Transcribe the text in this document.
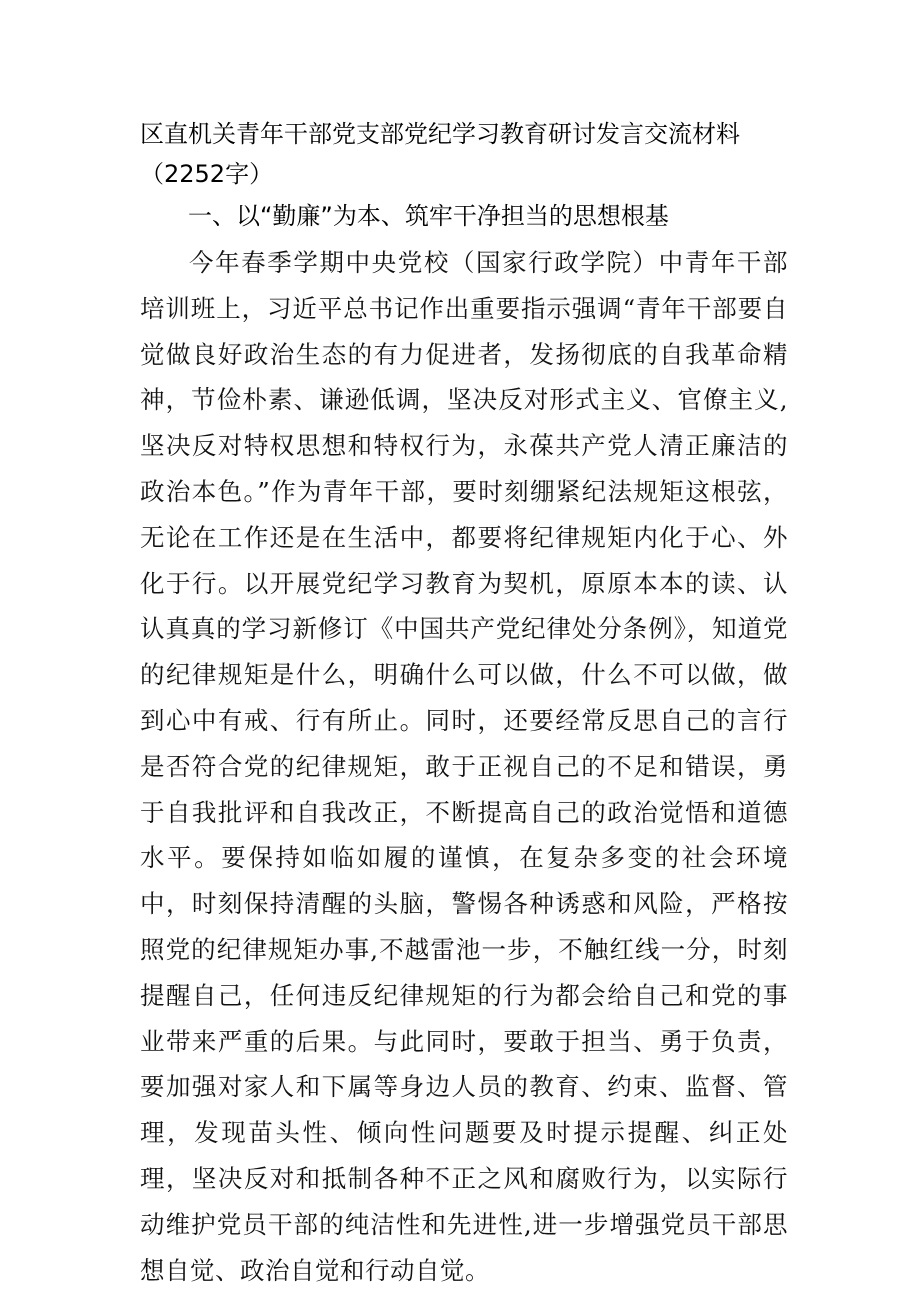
区直机关青年干部党支部党纪学习教育研讨发言交流材料（2252字）
一、以“勤廉”为本、筑牢干净担当的思想根基

今年春季学期中央党校（国家行政学院）中青年干部培训班上，习近平总书记作出重要指示强调“青年干部要自觉做良好政治生态的有力促进者，发扬彻底的自我革命精神，节俭朴素、谦逊低调，坚决反对形式主义、官僚主义,坚决反对特权思想和特权行为，永葆共产党人清正廉洁的政治本色。”作为青年干部，要时刻绷紧纪法规矩这根弦，无论在工作还是在生活中，都要将纪律规矩内化于心、外化于行。以开展党纪学习教育为契机，原原本本的读、认认真真的学习新修订《中国共产党纪律处分条例》，知道党的纪律规矩是什么，明确什么可以做，什么不可以做，做到心中有戒、行有所止。同时，还要经常反思自己的言行是否符合党的纪律规矩，敢于正视自己的不足和错误，勇于自我批评和自我改正，不断提高自己的政治觉悟和道德水平。要保持如临如履的谨慎，在复杂多变的社会环境中，时刻保持清醒的头脑，警惕各种诱惑和风险，严格按照党的纪律规矩办事,不越雷池一步，不触红线一分，时刻提醒自己，任何违反纪律规矩的行为都会给自己和党的事业带来严重的后果。与此同时，要敢于担当、勇于负责，要加强对家人和下属等身边人员的教育、约束、监督、管理，发现苗头性、倾向性问题要及时提示提醒、纠正处理，坚决反对和抵制各种不正之风和腐败行为，以实际行动维护党员干部的纯洁性和先进性,进一步增强党员干部思想自觉、政治自觉和行动自觉。
